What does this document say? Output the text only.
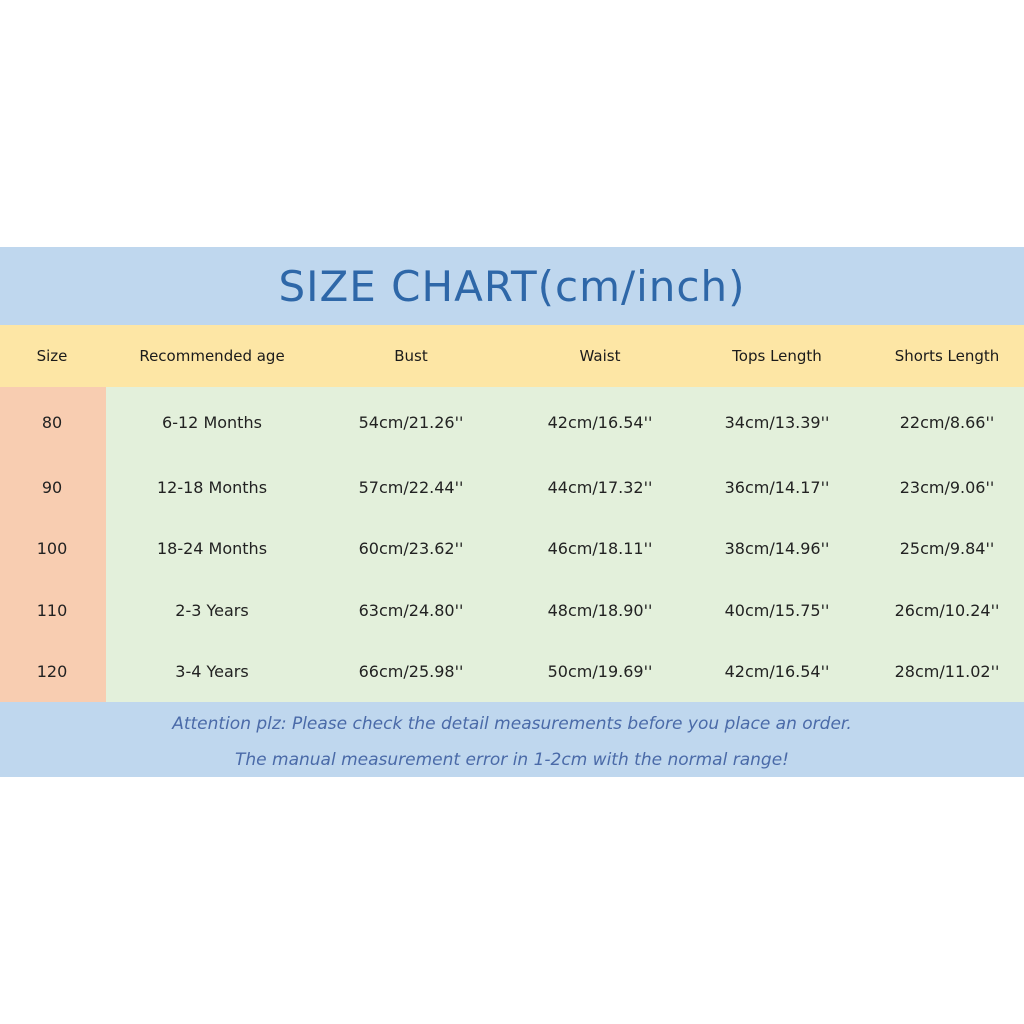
SIZE CHART(cm/inch)
Size	Recommended age	Bust	Waist	Tops Length	Shorts Length
80	6-12 Months	54cm/21.26''	42cm/16.54''	34cm/13.39''	22cm/8.66''
90	12-18 Months	57cm/22.44''	44cm/17.32''	36cm/14.17''	23cm/9.06''
100	18-24 Months	60cm/23.62''	46cm/18.11''	38cm/14.96''	25cm/9.84''
110	2-3 Years	63cm/24.80''	48cm/18.90''	40cm/15.75''	26cm/10.24''
120	3-4 Years	66cm/25.98''	50cm/19.69''	42cm/16.54''	28cm/11.02''
Attention plz: Please check the detail measurements before you place an order.
The manual measurement error in 1-2cm with the normal range!
